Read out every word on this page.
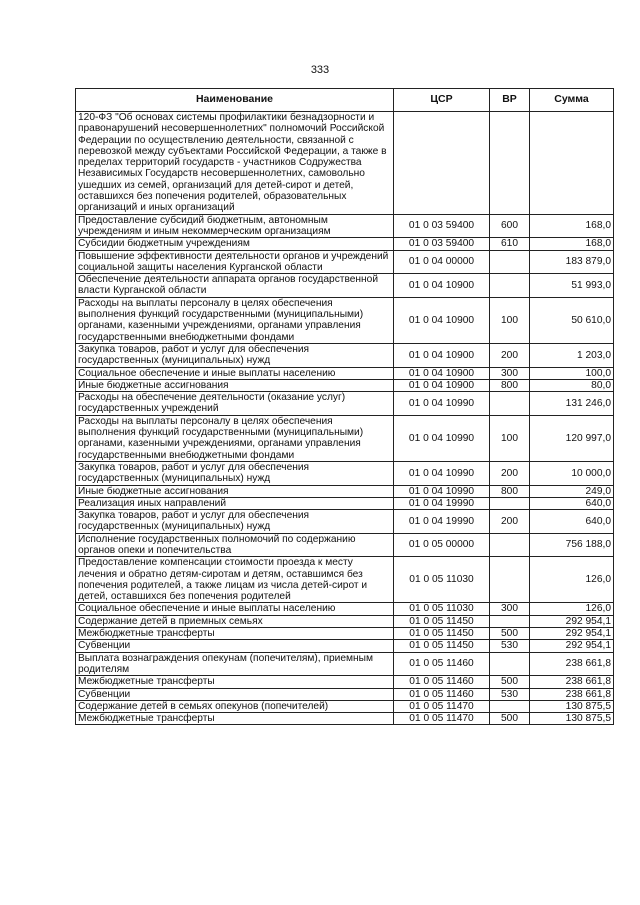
333
Наименование	ЦСР	ВР	Сумма
120-ФЗ "Об основах системы профилактики безнадзорности и правонарушений несовершеннолетних" полномочий Российской Федерации по осуществлению деятельности, связанной с перевозкой между субъектами Российской Федерации, а также в пределах территорий государств - участников Содружества Независимых Государств несовершеннолетних, самовольно ушедших из семей, организаций для детей-сирот и детей, оставшихся без попечения родителей, образовательных организаций и иных организаций			
Предоставление субсидий бюджетным, автономным учреждениям и иным некоммерческим организациям	01 0 03 59400	600	168,0
Субсидии бюджетным учреждениям	01 0 03 59400	610	168,0
Повышение эффективности деятельности органов и учреждений социальной защиты населения Курганской области	01 0 04 00000		183 879,0
Обеспечение деятельности аппарата органов государственной власти Курганской области	01 0 04 10900		51 993,0
Расходы на выплаты персоналу в целях обеспечения выполнения функций государственными (муниципальными) органами, казенными учреждениями, органами управления государственными внебюджетными фондами	01 0 04 10900	100	50 610,0
Закупка товаров, работ и услуг для обеспечения государственных (муниципальных) нужд	01 0 04 10900	200	1 203,0
Социальное обеспечение и иные выплаты населению	01 0 04 10900	300	100,0
Иные бюджетные ассигнования	01 0 04 10900	800	80,0
Расходы на обеспечение деятельности (оказание услуг) государственных учреждений	01 0 04 10990		131 246,0
Расходы на выплаты персоналу в целях обеспечения выполнения функций государственными (муниципальными) органами, казенными учреждениями, органами управления государственными внебюджетными фондами	01 0 04 10990	100	120 997,0
Закупка товаров, работ и услуг для обеспечения государственных (муниципальных) нужд	01 0 04 10990	200	10 000,0
Иные бюджетные ассигнования	01 0 04 10990	800	249,0
Реализация иных направлений	01 0 04 19990		640,0
Закупка товаров, работ и услуг для обеспечения государственных (муниципальных) нужд	01 0 04 19990	200	640,0
Исполнение государственных полномочий по содержанию органов опеки и попечительства	01 0 05 00000		756 188,0
Предоставление компенсации стоимости проезда к месту лечения и обратно детям-сиротам и детям, оставшимся без попечения родителей, а также лицам из числа детей-сирот и детей, оставшихся без попечения родителей	01 0 05 11030		126,0
Социальное обеспечение и иные выплаты населению	01 0 05 11030	300	126,0
Содержание детей в приемных семьях	01 0 05 11450		292 954,1
Межбюджетные трансферты	01 0 05 11450	500	292 954,1
Субвенции	01 0 05 11450	530	292 954,1
Выплата вознаграждения опекунам (попечителям), приемным родителям	01 0 05 11460		238 661,8
Межбюджетные трансферты	01 0 05 11460	500	238 661,8
Субвенции	01 0 05 11460	530	238 661,8
Содержание детей в семьях опекунов (попечителей)	01 0 05 11470		130 875,5
Межбюджетные трансферты	01 0 05 11470	500	130 875,5
